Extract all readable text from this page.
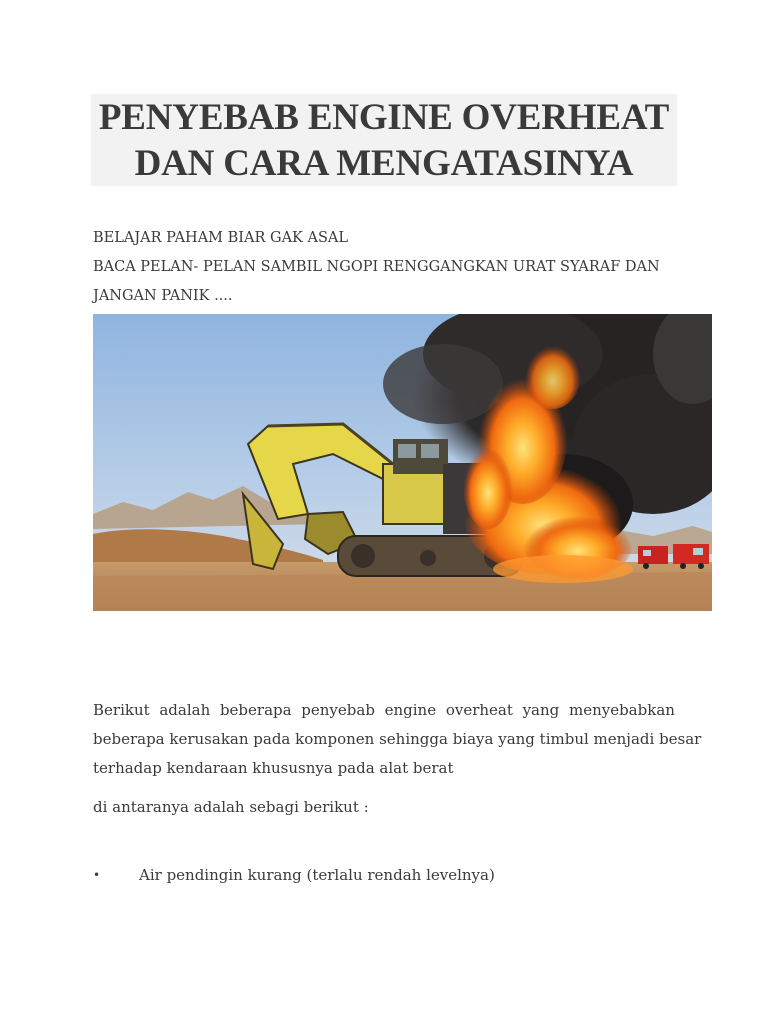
PENYEBAB ENGINE OVERHEAT
DAN CARA MENGATASINYA
BELAJAR PAHAM BIAR GAK ASAL
BACA PELAN- PELAN SAMBIL NGOPI RENGGANGKAN URAT SYARAF DAN
JANGAN PANIK ....
Berikut adalah beberapa penyebab engine overheat yang menyebabkan
beberapa kerusakan pada komponen sehingga biaya yang timbul menjadi besar
terhadap kendaraan khususnya pada alat berat
di antaranya adalah sebagi berikut :
•	Air pendingin kurang (terlalu rendah levelnya)
